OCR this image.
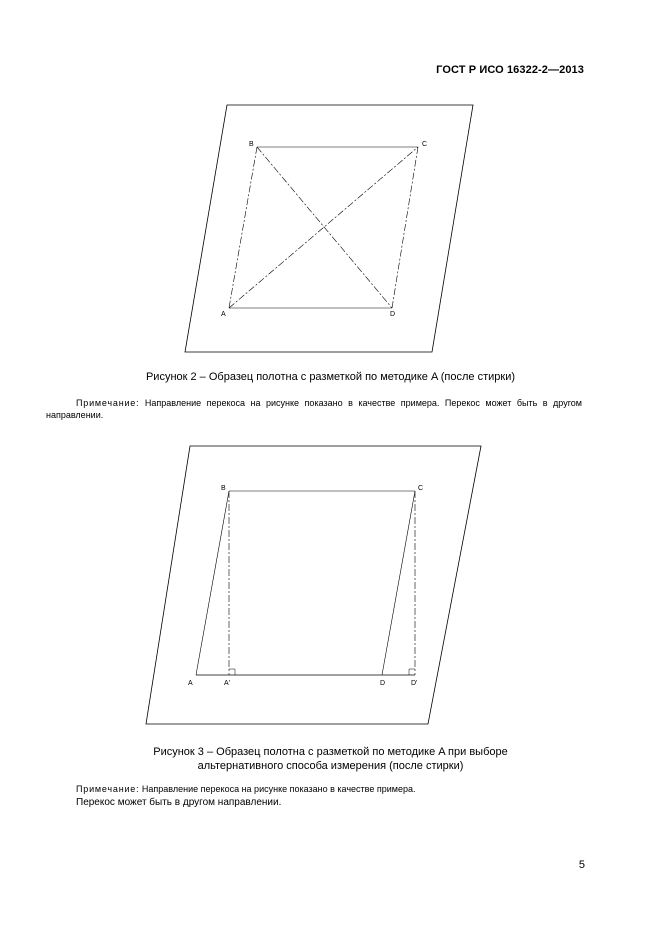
ГОСТ Р ИСО 16322-2—2013
B	C
A	D
Рисунок 2 – Образец полотна с разметкой по методике A (после стирки)
Примечание: Направление перекоса на рисунке показано в качестве примера. Перекос может быть в другом направлении.
B	C
A	A'	D	D'
Рисунок 3 – Образец полотна с разметкой по методике A при выборе
альтернативного способа измерения (после стирки)
Примечание: Направление перекоса на рисунке показано в качестве примера.
Перекос может быть в другом направлении.
5
